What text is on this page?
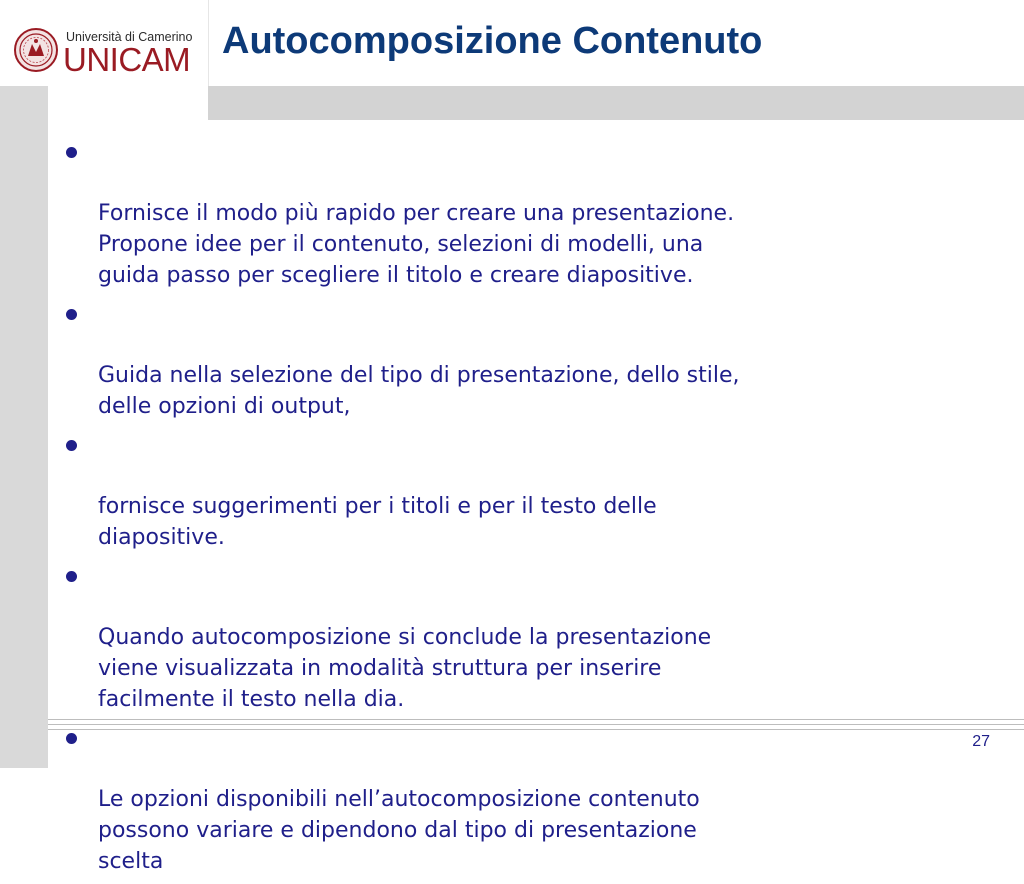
Università di Camerino
UNICAM Autocomposizione Contenuto

Fornisce il modo più rapido per creare una presentazione.
Propone idee per il contenuto, selezioni di modelli, una
guida passo per scegliere il titolo e creare diapositive.

Guida nella selezione del tipo di presentazione, dello stile,
delle opzioni di output,

fornisce suggerimenti per i titoli e per il testo delle
diapositive.

Quando autocomposizione si conclude la presentazione
viene visualizzata in modalità struttura per inserire
facilmente il testo nella dia.

Le opzioni disponibili nell’autocomposizione contenuto
possono variare e dipendono dal tipo di presentazione
scelta

27
